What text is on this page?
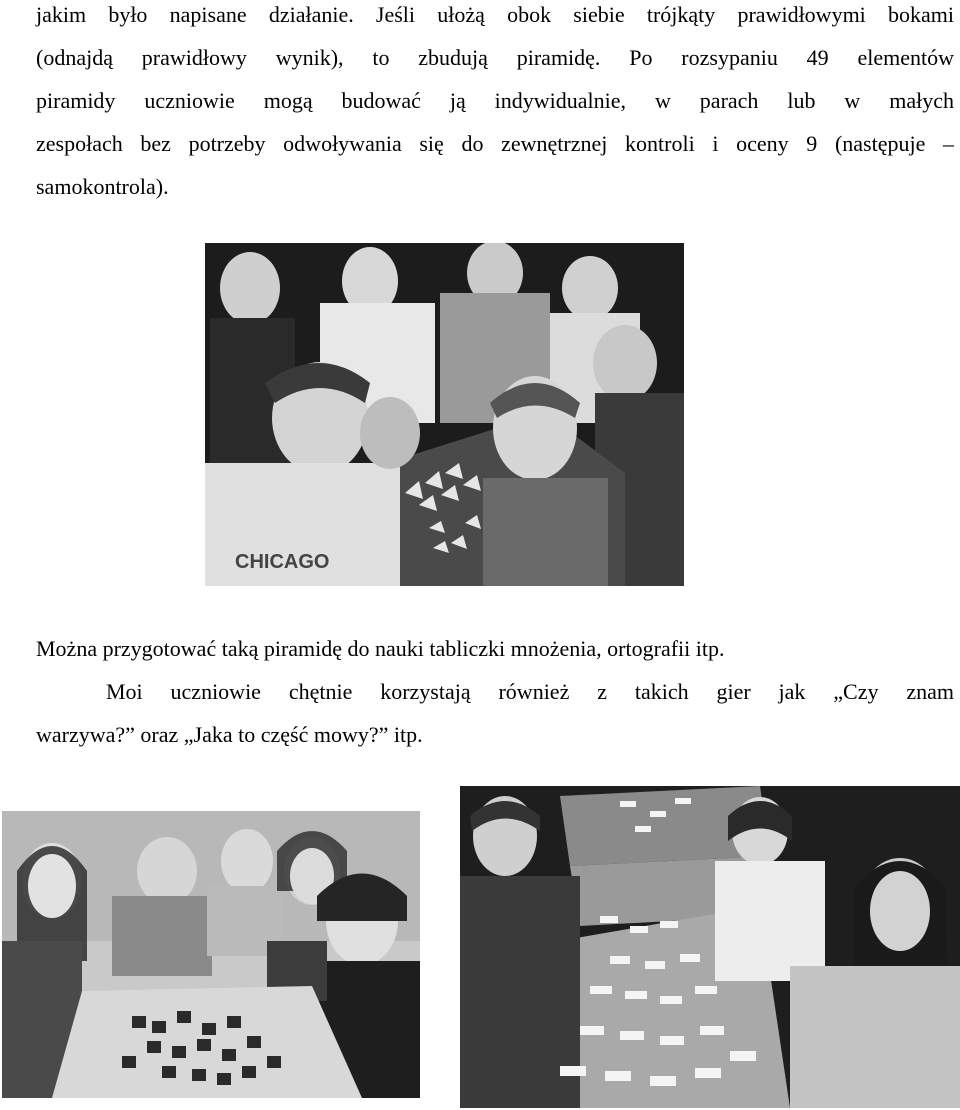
jakim było napisane działanie. Jeśli ułożą obok siebie trójkąty prawidłowymi bokami
(odnajdą prawidłowy wynik), to zbudują piramidę. Po rozsypaniu 49 elementów
piramidy uczniowie mogą budować ją indywidualnie, w parach lub w małych
zespołach bez potrzeby odwoływania się do zewnętrznej kontroli i oceny 9 (następuje –
samokontrola).
CHICAGO

Można przygotować taką piramidę do nauki tabliczki mnożenia, ortografii itp.

Moi uczniowie chętnie korzystają również z takich gier jak „Czy znam
warzywa?” oraz „Jaka to część mowy?” itp.
